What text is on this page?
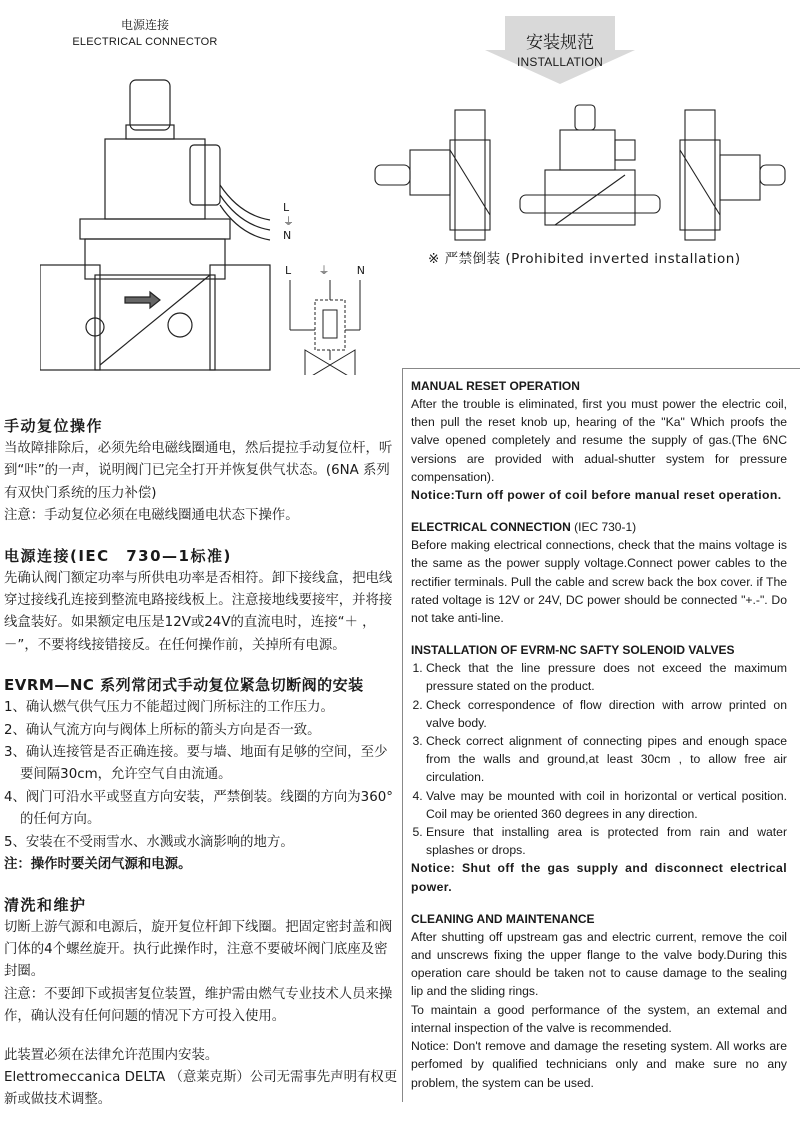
电源连接
ELECTRICAL CONNECTOR
L
⏚
N
L ⏚ N
安装规范
INSTALLATION
※ 严禁倒装 (Prohibited inverted installation)
手动复位操作

当故障排除后，必须先给电磁线圈通电，然后提拉手动复位杆，听到“咔”的一声，说明阀门已完全打开并恢复供气状态。(6NA 系列有双快门系统的压力补偿)

注意：手动复位必须在电磁线圈通电状态下操作。

电源连接(IEC　730—1标准)

先确认阀门额定功率与所供电功率是否相符。卸下接线盒，把电线穿过接线孔连接到整流电路接线板上。注意接地线要接牢，并将接线盒装好。如果额定电压是12V或24V的直流电时，连接“＋ ，－”，不要将线接错接反。在任何操作前，关掉所有电源。

EVRM—NC 系列常闭式手动复位紧急切断阀的安装

1、确认燃气供气压力不能超过阀门所标注的工作压力。

2、确认气流方向与阀体上所标的箭头方向是否一致。

3、确认连接管是否正确连接。要与墙、地面有足够的空间，至少要间隔30cm，允许空气自由流通。

4、阀门可沿水平或竖直方向安装，严禁倒装。线圈的方向为360° 的任何方向。

5、安装在不受雨雪水、水溅或水滴影响的地方。

注：操作时要关闭气源和电源。

清洗和维护

切断上游气源和电源后，旋开复位杆卸下线圈。把固定密封盖和阀门体的4个螺丝旋开。执行此操作时，注意不要破坏阀门底座及密封圈。

注意：不要卸下或损害复位装置，维护需由燃气专业技术人员来操作，确认没有任何问题的情况下方可投入使用。

此装置必须在法律允许范围内安装。

Elettromeccanica DELTA （意莱克斯）公司无需事先声明有权更新或做技术调整。

MANUAL RESET OPERATION

After the trouble is eliminated, first you must power the electric coil, then pull the reset knob up, hearing of the "Ka" Which proofs the valve opened completely and resume the supply of gas.(The 6NC versions are provided with adual-shutter system for pressure compensation).

Notice:Turn off power of coil before manual reset operation.

ELECTRICAL CONNECTION (IEC 730-1)

Before making electrical connections, check that the mains voltage is the same as the power supply voltage.Connect power cables to the rectifier terminals. Pull the cable and screw back the box cover. if The rated voltage is 12V or 24V, DC power should be connected "+.-". Do not take anti-line.

INSTALLATION OF EVRM-NC SAFTY SOLENOID VALVES
1. Check that the line pressure does not exceed the maximum pressure stated on the product.
2. Check correspondence of flow direction with arrow printed on valve body.
3. Check correct alignment of connecting pipes and enough space from the walls and ground,at least 30cm , to allow free air circulation.
4. Valve may be mounted with coil in horizontal or vertical position. Coil may be oriented 360 degrees in any direction.
5. Ensure that installing area is protected from rain and water splashes or drops.

Notice: Shut off the gas supply and disconnect electrical power.

CLEANING AND MAINTENANCE

After shutting off upstream gas and electric current, remove the coil and unscrews fixing the upper flange to the valve body.During this operation care should be taken not to cause damage to the sealing lip and the sliding rings.

To maintain a good performance of the system, an extemal and internal inspection of the valve is recommended.

Notice: Don't remove and damage the reseting system. All works are perfomed by qualified technicians only and make sure no any problem, the system can be used.
